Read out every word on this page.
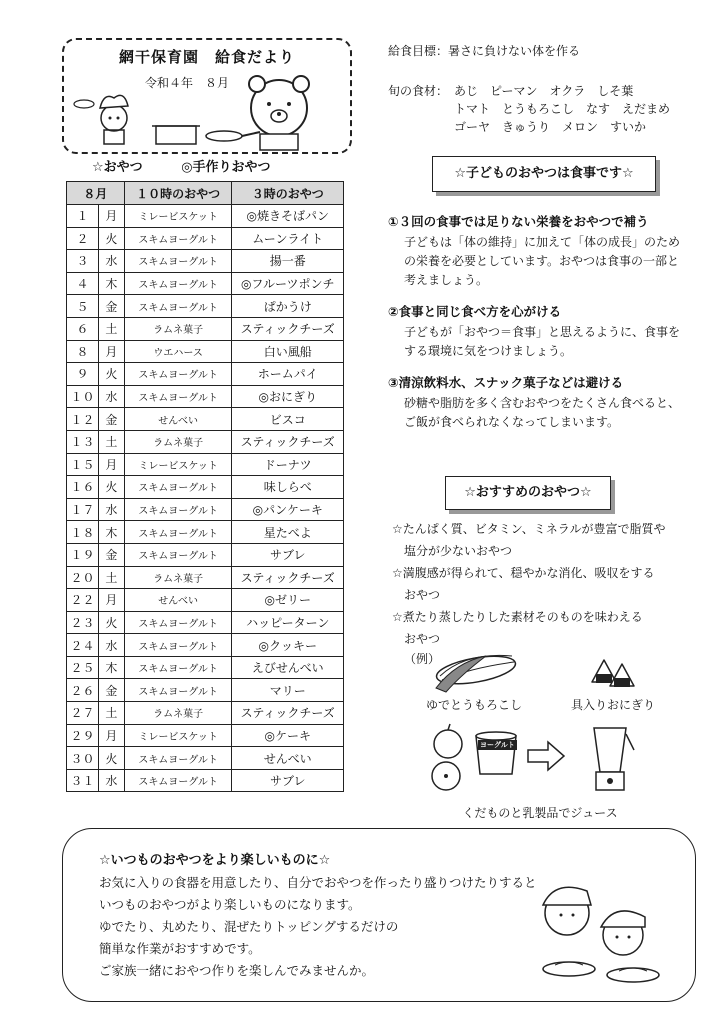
網干保育園　給食だより
令和４年　８月
☆おやつ	◎手作りおやつ
８月		１０時のおやつ	３時のおやつ
１	月	ミレービスケット	◎焼きそばパン
２	火	スキムヨーグルト	ムーンライト
３	水	スキムヨーグルト	揚一番
４	木	スキムヨーグルト	◎フルーツポンチ
５	金	スキムヨーグルト	ぱかうけ
６	土	ラムネ菓子	スティックチーズ
８	月	ウエハース	白い風船
９	火	スキムヨーグルト	ホームパイ
１０	水	スキムヨーグルト	◎おにぎり
１２	金	せんべい	ビスコ
１３	土	ラムネ菓子	スティックチーズ
１５	月	ミレービスケット	ドーナツ
１６	火	スキムヨーグルト	味しらべ
１７	水	スキムヨーグルト	◎パンケーキ
１８	木	スキムヨーグルト	星たべよ
１９	金	スキムヨーグルト	サブレ
２０	土	ラムネ菓子	スティックチーズ
２２	月	せんべい	◎ゼリー
２３	火	スキムヨーグルト	ハッピーターン
２４	水	スキムヨーグルト	◎クッキー
２５	木	スキムヨーグルト	えびせんべい
２６	金	スキムヨーグルト	マリー
２７	土	ラムネ菓子	スティックチーズ
２９	月	ミレービスケット	◎ケーキ
３０	火	スキムヨーグルト	せんべい
３１	水	スキムヨーグルト	サブレ
給食目標：暑さに負けない体を作る
旬の食材： あじ　ピーマン　オクラ　しそ葉
トマト　とうもろこし　なす　えだまめ
ゴーヤ　きゅうり　メロン　すいか
☆子どものおやつは食事です☆
①３回の食事では足りない栄養をおやつで補う
子どもは「体の維持」に加えて「体の成長」のため
の栄養を必要としています。おやつは食事の一部と
考えましょう。
②食事と同じ食べ方を心がける
子どもが「おやつ＝食事」と思えるように、食事を
する環境に気をつけましょう。
③清涼飲料水、スナック菓子などは避ける
砂糖や脂肪を多く含むおやつをたくさん食べると、
ご飯が食べられなくなってしまいます。
☆おすすめのおやつ☆
☆たんぱく質、ビタミン、ミネラルが豊富で脂質や
　塩分が少ないおやつ
☆満腹感が得られて、穏やかな消化、吸収をする
　おやつ
☆煮たり蒸したりした素材そのものを味わえる
　おやつ
（例）
ゆでとうもろこし	具入りおにぎり
ヨーグルト
くだものと乳製品でジュース
☆いつものおやつをより楽しいものに☆
お気に入りの食器を用意したり、自分でおやつを作ったり盛りつけたりすると
いつものおやつがより楽しいものになります。
ゆでたり、丸めたり、混ぜたりトッピングするだけの
簡単な作業がおすすめです。
ご家族一緒におやつ作りを楽しんでみませんか。
